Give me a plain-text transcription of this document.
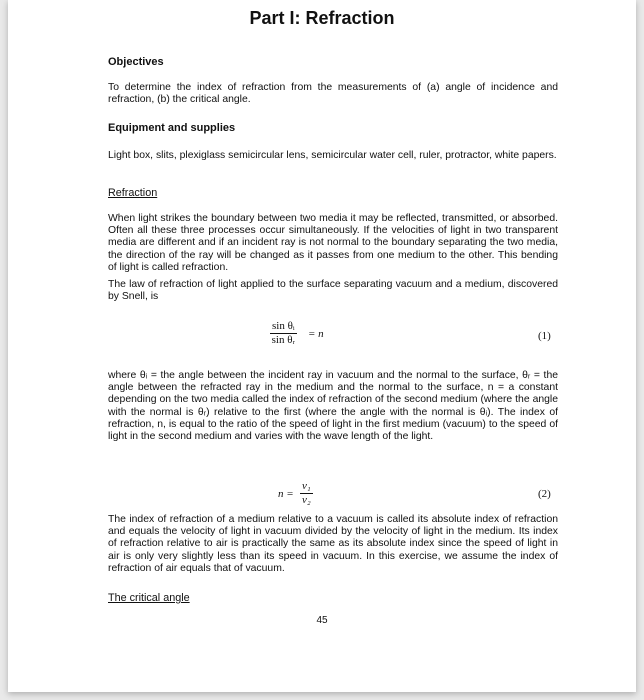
Part I: Refraction
Objectives
To determine the index of refraction from the measurements of (a) angle of incidence and refraction, (b) the critical angle.
Equipment and supplies
Light box, slits, plexiglass semicircular lens, semicircular water cell, ruler, protractor, white papers.
Refraction
When light strikes the boundary between two media it may be reflected, transmitted, or absorbed. Often all these three processes occur simultaneously. If the velocities of light in two transparent media are different and if an incident ray is not normal to the boundary separating the two media, the direction of the ray will be changed as it passes from one medium to the other. This bending of light is called refraction.
The law of refraction of light applied to the surface separating vacuum and a medium, discovered by Snell, is
$\frac{\text{sin θᵢ}}{\text{sin θᵣ}} = n$	(1)
where θᵢ = the angle between the incident ray in vacuum and the normal to the surface, θᵣ = the angle between the refracted ray in the medium and the normal to the surface, n = a constant depending on the two media called the index of refraction of the second medium (where the angle with the normal is θᵣ) relative to the first (where the angle with the normal is θᵢ). The index of refraction, n, is equal to the ratio of the speed of light in the first medium (vacuum) to the speed of light in the second medium and varies with the wave length of the light.
$n = \frac{\text{v₁}}{\text{v₂}}$	(2)
The index of refraction of a medium relative to a vacuum is called its absolute index of refraction and equals the velocity of light in vacuum divided by the velocity of light in the medium. Its index of refraction relative to air is practically the same as its absolute index since the speed of light in air is only very slightly less than its speed in vacuum. In this exercise, we assume the index of refraction of air equals that of vacuum.
The critical angle
45
